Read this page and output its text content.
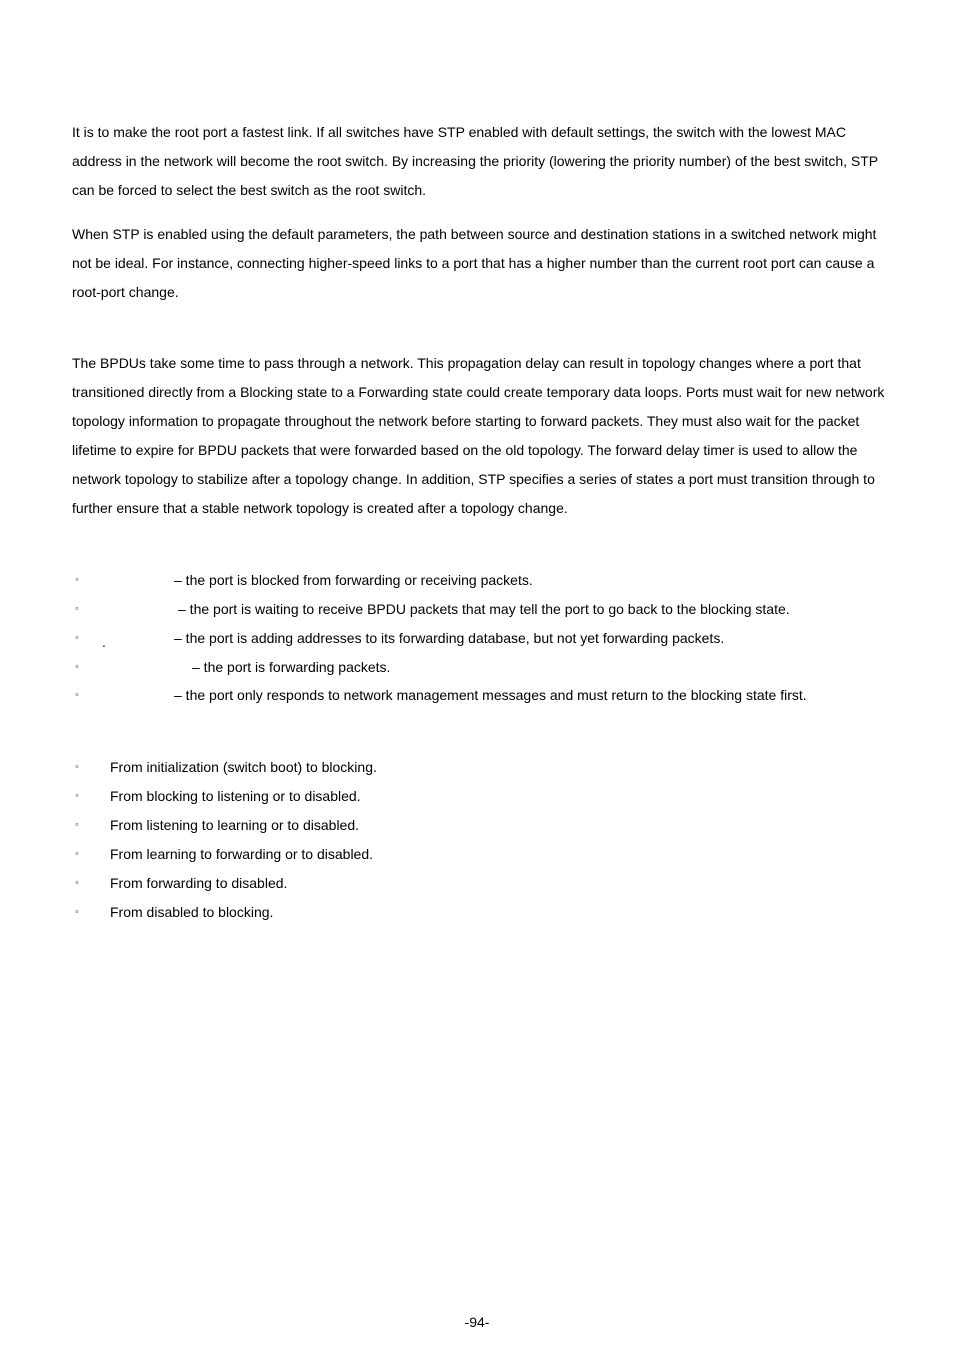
It is to make the root port a fastest link. If all switches have STP enabled with default settings, the switch with the lowest MAC address in the network will become the root switch. By increasing the priority (lowering the priority number) of the best switch, STP can be forced to select the best switch as the root switch.

When STP is enabled using the default parameters, the path between source and destination stations in a switched network might not be ideal. For instance, connecting higher-speed links to a port that has a higher number than the current root port can cause a root-port change.

The BPDUs take some time to pass through a network. This propagation delay can result in topology changes where a port that transitioned directly from a Blocking state to a Forwarding state could create temporary data loops. Ports must wait for new network topology information to propagate throughout the network before starting to forward packets. They must also wait for the packet lifetime to expire for BPDU packets that were forwarded based on the old topology. The forward delay timer is used to allow the network topology to stabilize after a topology change. In addition, STP specifies a series of states a port must transition through to further ensure that a stable network topology is created after a topology change.

◦	– the port is blocked from forwarding or receiving packets.
◦	– the port is waiting to receive BPDU packets that may tell the port to go back to the blocking state.
◦ .	– the port is adding addresses to its forwarding database, but not yet forwarding packets.
◦	– the port is forwarding packets.
◦	– the port only responds to network management messages and must return to the blocking state first.
◦ From initialization (switch boot) to blocking.
◦ From blocking to listening or to disabled.
◦ From listening to learning or to disabled.
◦ From learning to forwarding or to disabled.
◦ From forwarding to disabled.
◦ From disabled to blocking.
-94-
